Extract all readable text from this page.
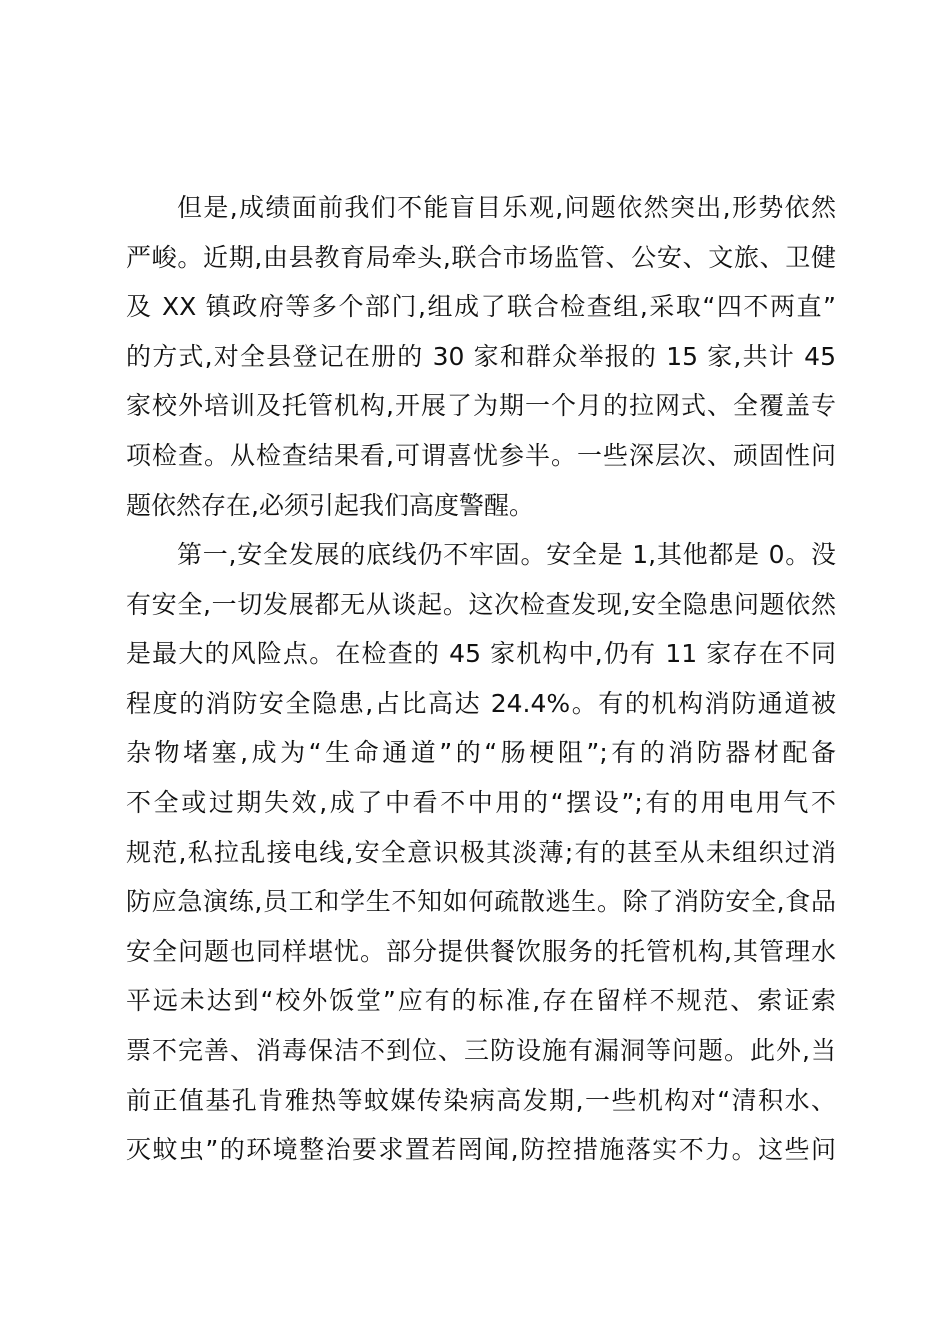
但是,成绩面前我们不能盲目乐观,问题依然突出,形势依然
严峻。近期,由县教育局牵头,联合市场监管、公安、文旅、卫健
及 XX 镇政府等多个部门,组成了联合检查组,采取“四不两直”
的方式,对全县登记在册的 30 家和群众举报的 15 家,共计 45
家校外培训及托管机构,开展了为期一个月的拉网式、全覆盖专
项检查。从检查结果看,可谓喜忧参半。一些深层次、顽固性问
题依然存在,必须引起我们高度警醒。
第一,安全发展的底线仍不牢固。安全是 1,其他都是 0。没
有安全,一切发展都无从谈起。这次检查发现,安全隐患问题依然
是最大的风险点。在检查的 45 家机构中,仍有 11 家存在不同
程度的消防安全隐患,占比高达 24.4%。有的机构消防通道被
杂物堵塞,成为“生命通道”的“肠梗阻”;有的消防器材配备
不全或过期失效,成了中看不中用的“摆设”;有的用电用气不
规范,私拉乱接电线,安全意识极其淡薄;有的甚至从未组织过消
防应急演练,员工和学生不知如何疏散逃生。除了消防安全,食品
安全问题也同样堪忧。部分提供餐饮服务的托管机构,其管理水
平远未达到“校外饭堂”应有的标准,存在留样不规范、索证索
票不完善、消毒保洁不到位、三防设施有漏洞等问题。此外,当
前正值基孔肯雅热等蚊媒传染病高发期,一些机构对“清积水、
灭蚊虫”的环境整治要求置若罔闻,防控措施落实不力。这些问
